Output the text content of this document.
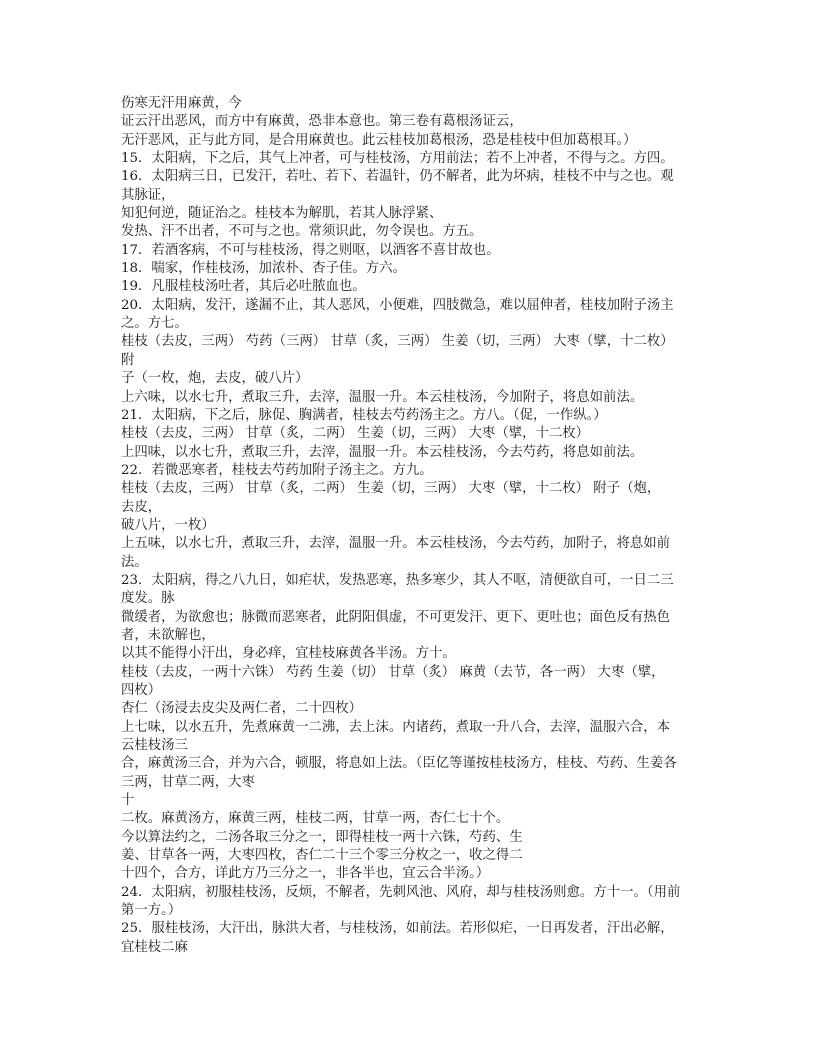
伤寒无汗用麻黄，今
证云汗出恶风，而方中有麻黄，恐非本意也。第三卷有葛根汤证云，
无汗恶风，正与此方同，是合用麻黄也。此云桂枝加葛根汤，恐是桂枝中但加葛根耳。）
15．太阳病，下之后，其气上冲者，可与桂枝汤，方用前法；若不上冲者，不得与之。方四。
16．太阳病三日，已发汗，若吐、若下、若温针，仍不解者，此为坏病，桂枝不中与之也。观
其脉证，
知犯何逆，随证治之。桂枝本为解肌，若其人脉浮紧、
发热、汗不出者，不可与之也。常须识此，勿令误也。方五。
17．若酒客病，不可与桂枝汤，得之则呕，以酒客不喜甘故也。
18．喘家，作桂枝汤，加浓朴、杏子佳。方六。
19．凡服桂枝汤吐者，其后必吐脓血也。
20．太阳病，发汗，遂漏不止，其人恶风，小便难，四肢微急，难以屈伸者，桂枝加附子汤主
之。方七。
桂枝（去皮，三两） 芍药（三两） 甘草（炙，三两） 生姜（切，三两） 大枣（擘，十二枚）
附
子（一枚，炮，去皮，破八片）
上六味，以水七升，煮取三升，去滓，温服一升。本云桂枝汤，今加附子，将息如前法。
21．太阳病，下之后，脉促、胸满者，桂枝去芍药汤主之。方八。（促，一作纵。）
桂枝（去皮，三两） 甘草（炙，二两） 生姜（切，三两） 大枣（擘，十二枚）
上四味，以水七升，煮取三升，去滓，温服一升。本云桂枝汤，今去芍药，将息如前法。
22．若微恶寒者，桂枝去芍药加附子汤主之。方九。
桂枝（去皮，三两） 甘草（炙，二两） 生姜（切，三两） 大枣（擘，十二枚） 附子（炮，
去皮，
破八片，一枚）
上五味，以水七升，煮取三升，去滓，温服一升。本云桂枝汤，今去芍药，加附子，将息如前
法。
23．太阳病，得之八九日，如疟状，发热恶寒，热多寒少，其人不呕，清便欲自可，一日二三
度发。脉
微缓者，为欲愈也；脉微而恶寒者，此阴阳俱虚，不可更发汗、更下、更吐也；面色反有热色
者，未欲解也，
以其不能得小汗出，身必痒，宜桂枝麻黄各半汤。方十。
桂枝（去皮，一两十六铢） 芍药 生姜（切） 甘草（炙） 麻黄（去节，各一两） 大枣（擘，
四枚）
杏仁（汤浸去皮尖及两仁者，二十四枚）
上七味，以水五升，先煮麻黄一二沸，去上沫。内诸药，煮取一升八合，去滓，温服六合，本
云桂枝汤三
合，麻黄汤三合，并为六合，顿服，将息如上法。（臣亿等谨按桂枝汤方，桂枝、芍药、生姜各
三两，甘草二两，大枣
十
二枚。麻黄汤方，麻黄三两，桂枝二两，甘草一两，杏仁七十个。
今以算法约之，二汤各取三分之一，即得桂枝一两十六铢，芍药、生
姜、甘草各一两，大枣四枚，杏仁二十三个零三分枚之一，收之得二
十四个，合方，详此方乃三分之一，非各半也，宜云合半汤。）
24．太阳病，初服桂枝汤，反烦，不解者，先刺风池、风府，却与桂枝汤则愈。方十一。（用前
第一方。）
25．服桂枝汤，大汗出，脉洪大者，与桂枝汤，如前法。若形似疟，一日再发者，汗出必解，
宜桂枝二麻
